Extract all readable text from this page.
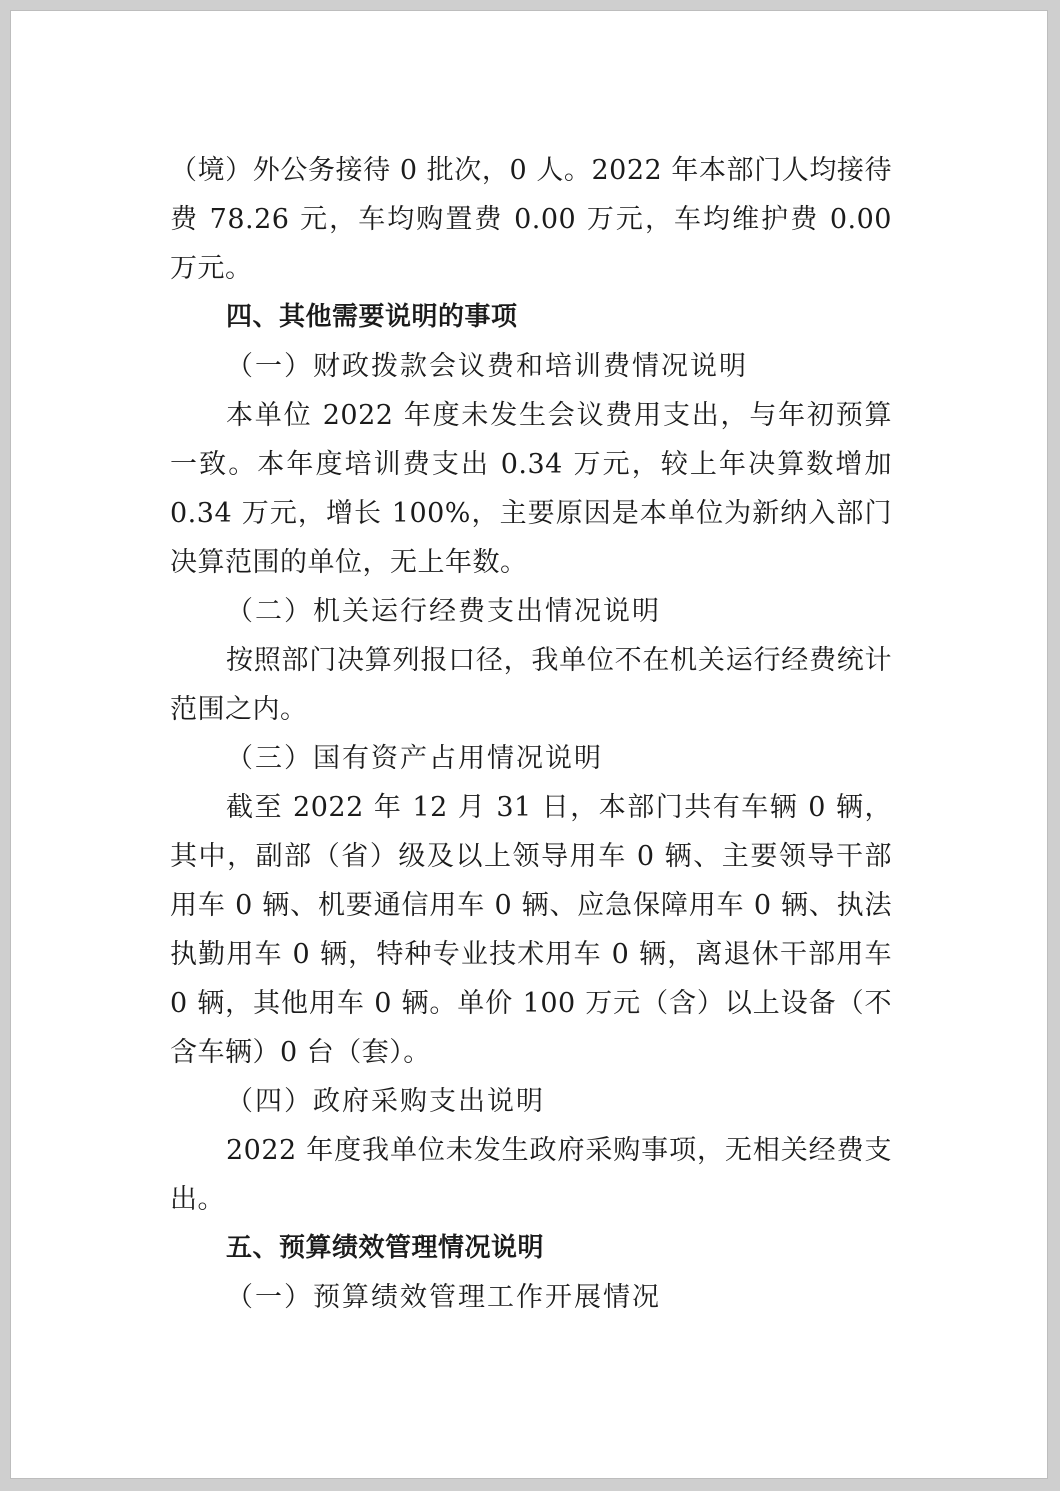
（境）外公务接待 0 批次，0 人。2022 年本部门人均接待费 78.26 元，车均购置费 0.00 万元，车均维护费 0.00 万元。

四、其他需要说明的事项

（一）财政拨款会议费和培训费情况说明

本单位 2022 年度未发生会议费用支出，与年初预算一致。本年度培训费支出 0.34 万元，较上年决算数增加 0.34 万元，增长 100%，主要原因是本单位为新纳入部门决算范围的单位，无上年数。

（二）机关运行经费支出情况说明

按照部门决算列报口径，我单位不在机关运行经费统计范围之内。

（三）国有资产占用情况说明

截至 2022 年 12 月 31 日，本部门共有车辆 0 辆，其中，副部（省）级及以上领导用车 0 辆、主要领导干部用车 0 辆、机要通信用车 0 辆、应急保障用车 0 辆、执法执勤用车 0 辆，特种专业技术用车 0 辆，离退休干部用车 0 辆，其他用车 0 辆。单价 100 万元（含）以上设备（不含车辆）0 台（套）。

（四）政府采购支出说明

2022 年度我单位未发生政府采购事项，无相关经费支出。

五、预算绩效管理情况说明

（一）预算绩效管理工作开展情况
